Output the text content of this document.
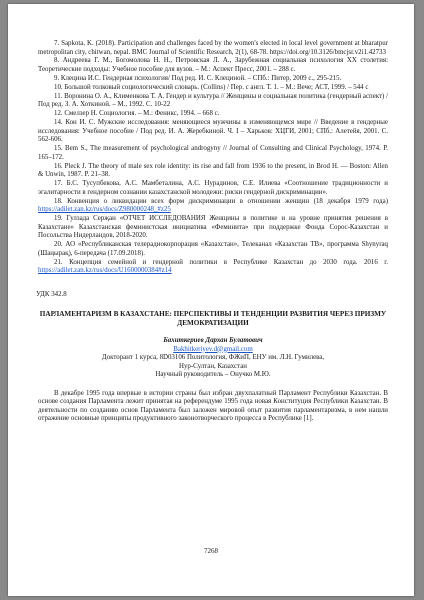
7. Sapkota, K. (2018). Participation and challenges faced by the women's elected in local level government at bharatpur metropolitan city, chitwan, nepal. BMC Journal of Scientific Research, 2(1), 68-78. https://doi.org/10.3126/bmcjsr.v2i1.42733

8. Андреева Г. М., Богомолова Н. Н., Петровская Л. А., Зарубежная социальная психология XX столетия: Теоретические подходы: Учебное пособие для вузов. – М.: Аспект Пресс, 2001. – 288 с.

9. Клецина И.С. Гендерная психология/ Под ред. И. С. Клециной. – СПб.: Питер, 2009 с., 295-215.

10. Большой толковый социологический словарь. (Collins) / Пер. с англ. Т. 1. – М.: Вече; АСТ, 1999. – 544 с

11. Воронина О. А., Клименкова Т. А. Гендер и культура // Женщины и социальная политика (гендерный аспект) / Под ред. З. А. Хоткиной. – М., 1992. С. 10-22

12. Смелзер Н. Социология. – М.: Феникс, 1994. – 668 с.

14. Кон И. С. Мужские исследования: меняющиеся мужчины в изменяющемся мире // Введение в гендерные исследования: Учебное пособие / Под ред. И. А. Жеребкиной. Ч. I – Харьков: ХЦГИ, 2001; СПб.: Алетейя, 2001. С. 562-606.

15. Bem S., The measurement of psychological androgyny // Journal of Consulting and Clinical Psychology, 1974. P. 165–172.

16. Pleck J. The theory of male sex role identity: its rise and fall from 1936 to the present, in Brod H. — Boston: Allen & Unwin, 1987. P. 21–38.

17. Б.С. Тусупбекова, А.С. Мамбеталина, А.С. Нурадинов, С.Е. Илиева «Соотношение традиционности и эгалитарности в гендерном сознании казахстанской молодежи: риски гендерной дискриминации».

18. Конвенция о ликвидации всех форм дискриминации в отношении женщин (18 декабря 1979 года) https://adilet.zan.kz/rus/docs/Z980000248_#z25

19. Гулзада Серҗан «ОТЧЕТ ИССЛЕДОВАНИЯ Женщины в политике и на уровне принятия решения в Казахстане» Казахстанская феминистская инициатива «Феминита» при поддержке Фонда Сорос-Казахстан и Посольства Нидерландов, 2018-2020.

20. АО «Республиканская телерадиокорпорация «Казахстан», Телеканал «Казахстан ТВ», программа Shynyraq (Шаңырақ), 6-передача (17.09.2018).

21. Концепция семейной и гендерной политики в Республике Казахстан до 2030 года. 2016 г. https://adilet.zan.kz/rus/docs/U1600000384#z14

УДК 342.8

ПАРЛАМЕНТАРИЗМ В КАЗАХСТАНЕ: ПЕРСПЕКТИВЫ И ТЕНДЕНЦИИ РАЗВИТИЯ ЧЕРЕЗ ПРИЗМУ ДЕМОКРАТИЗАЦИИ
Бахиткериев Дархан Булатович
Bakhitkeriyev.d@gmail.com
Докторант 1 курса, 8D03106 Политология, ФЖиП, ЕНУ им. Л.Н. Гумилева,
Нур-Султан, Казахстан
Научный руководитель – Онучко М.Ю.

В декабре 1995 года впервые в истории страны был избран двухпалатный Парламент Республики Казахстан. В основе создания Парламента лежит принятая на референдуме 1995 года новая Конституция Республики Казахстан. В деятельности по созданию основ Парламента был заложен мировой опыт развития парламентаризма, в нем нашли отражение основные принципы продуктивного законотворческого процесса в Республике [1].

7268
